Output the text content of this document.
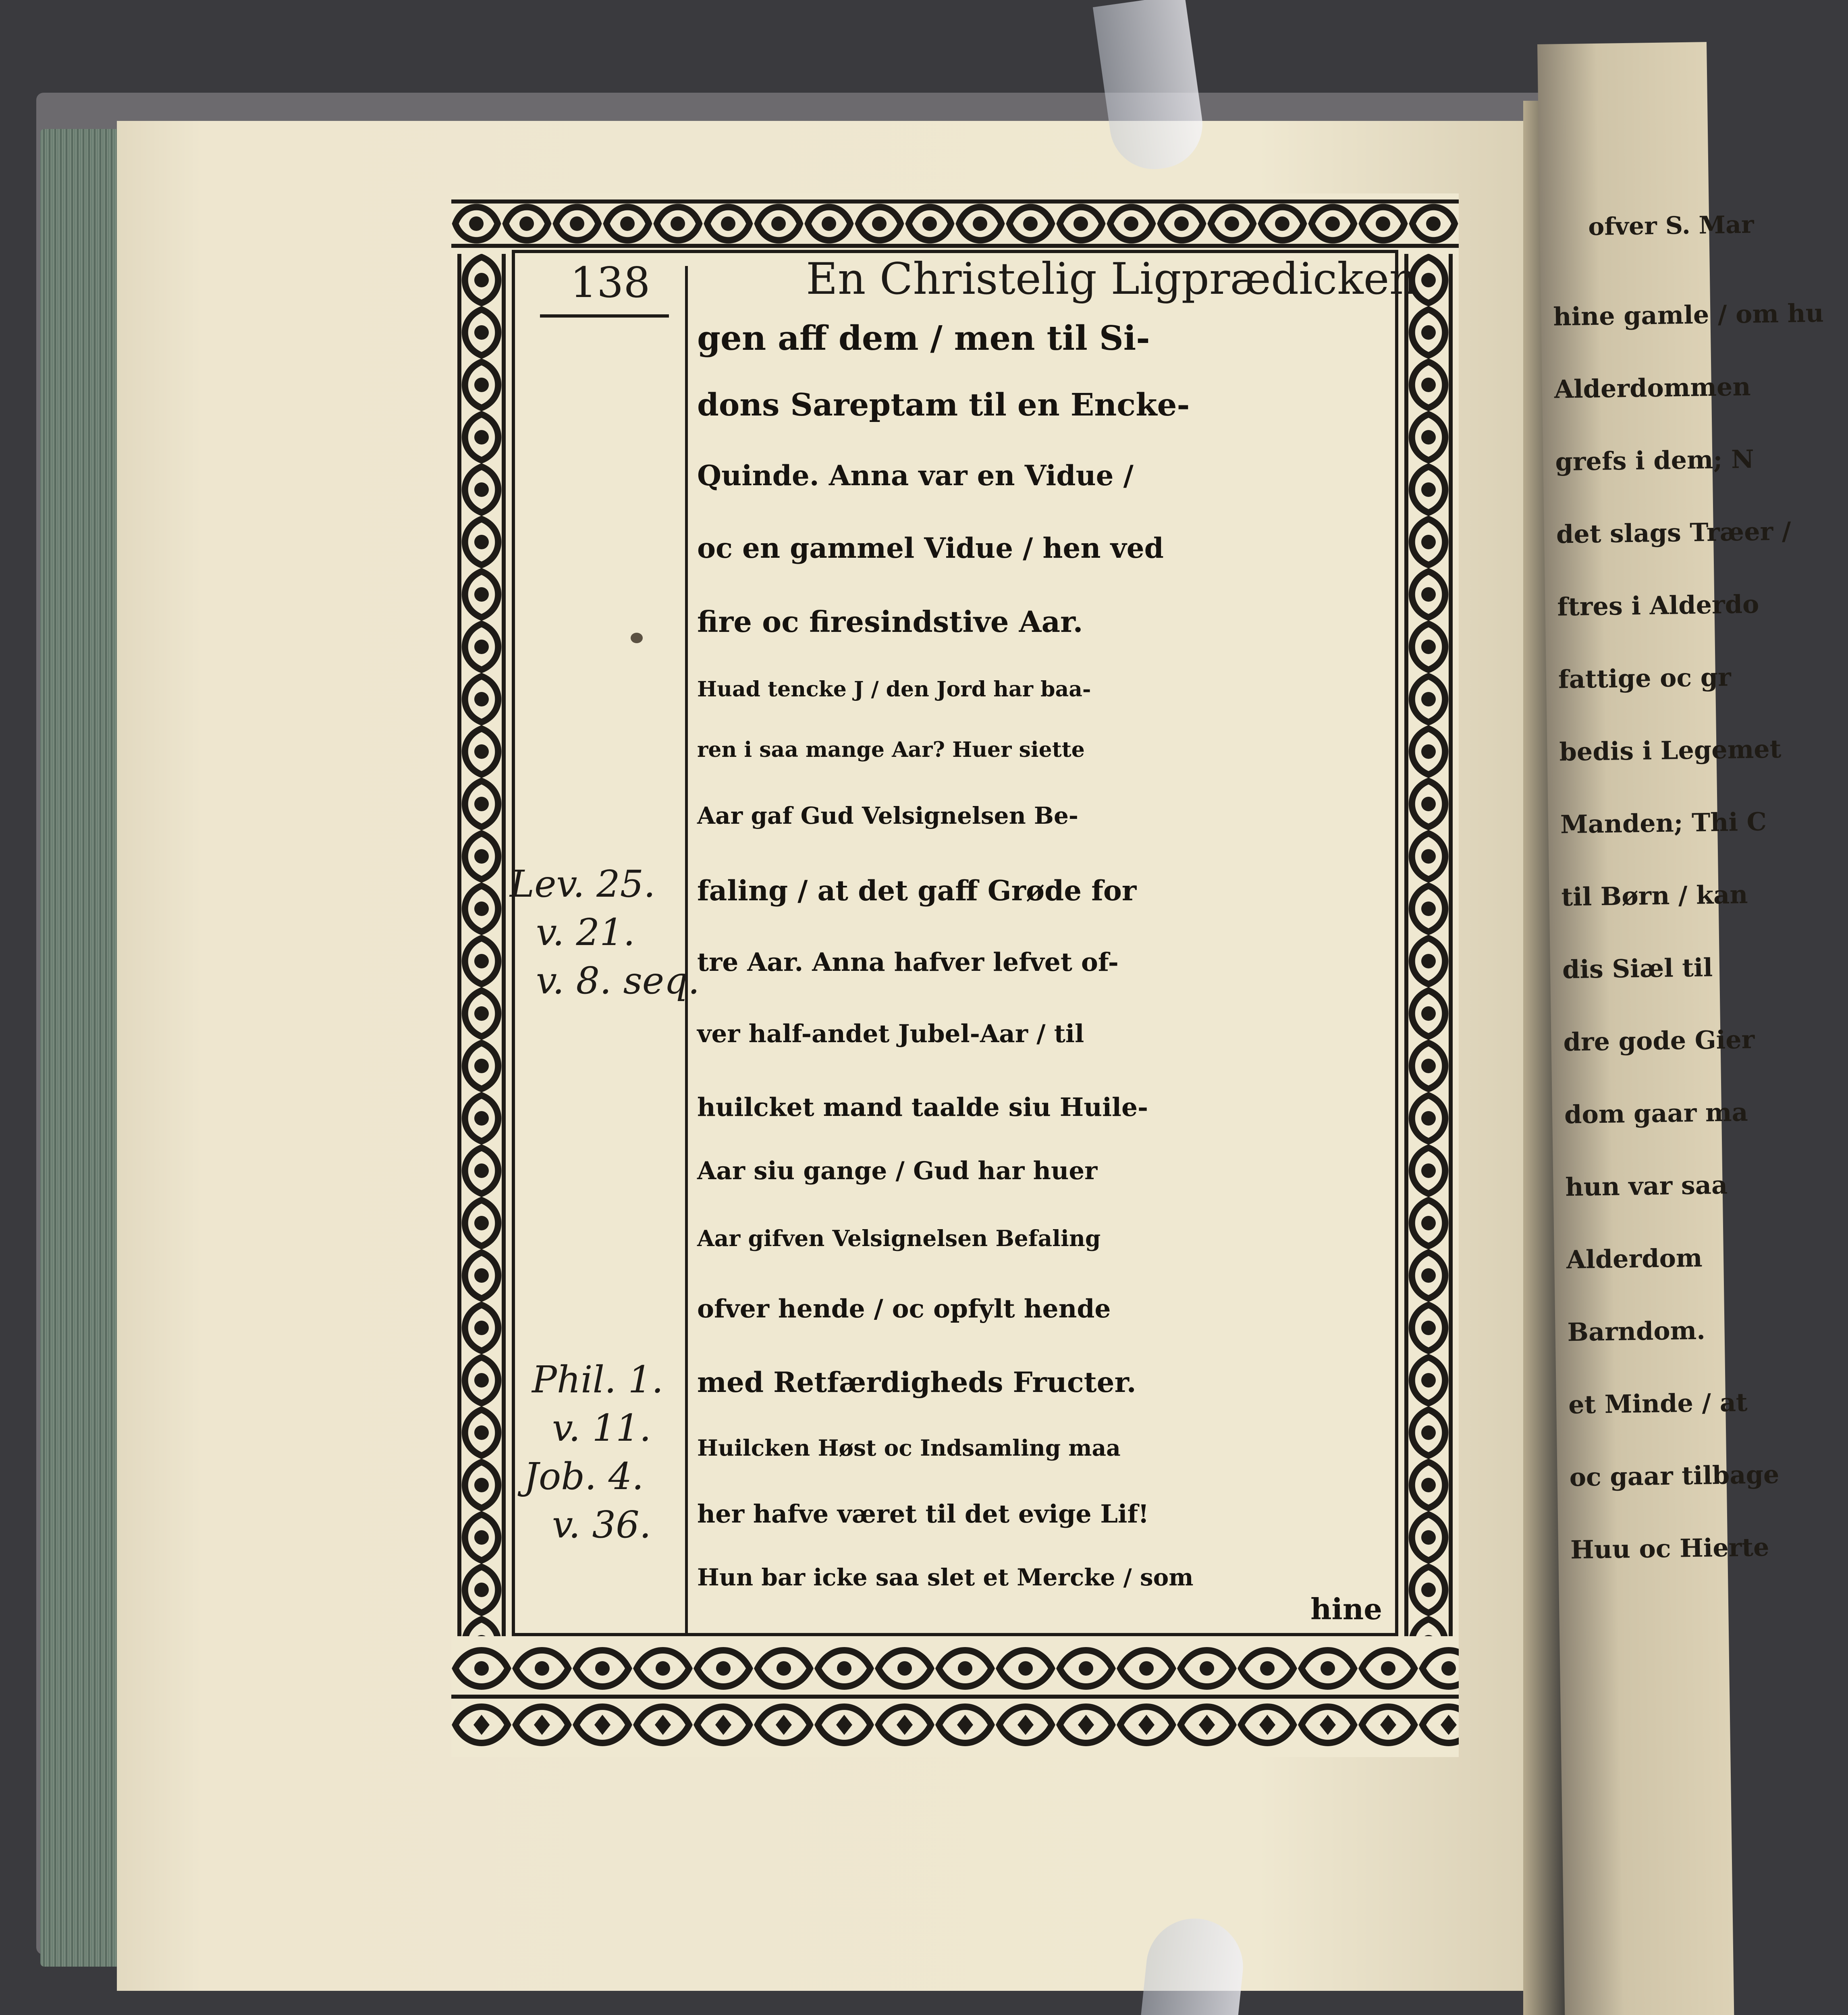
ofver S. Mar
hine gamle / om hu
Alderdommen
grefs i dem; N
det slags Træer /
ftres i Alderdo
fattige oc gr
bedis i Legemet
Manden; Thi C
til Børn / kan
dis Siæl til
dre gode Gier
dom gaar ma
hun var saa
Alderdom
Barndom.
et Minde / at
oc gaar tilbage
Huu oc Hierte
138	En Christelig Ligprædicken
Lev. 25.
v. 21.
v. 8. seq.
Phil. 1.
v. 11.
Job. 4.
v. 36.
gen aff dem / men til Si-
dons Sareptam til en Encke-
Quinde. Anna var en Vidue /
oc en gammel Vidue / hen ved
fire oc firesindstive Aar.
Huad tencke J / den Jord har baa-
ren i saa mange Aar? Huer siette
Aar gaf Gud Velsignelsen Be-
faling / at det gaff Grøde for
tre Aar. Anna hafver lefvet of-
ver half-andet Jubel-Aar / til
huilcket mand taalde siu Huile-
Aar siu gange / Gud har huer
Aar gifven Velsignelsen Befaling
ofver hende / oc opfylt hende
med Retfærdigheds Fructer.
Huilcken Høst oc Indsamling maa
her hafve været til det evige Lif!
Hun bar icke saa slet et Mercke / som
hine
